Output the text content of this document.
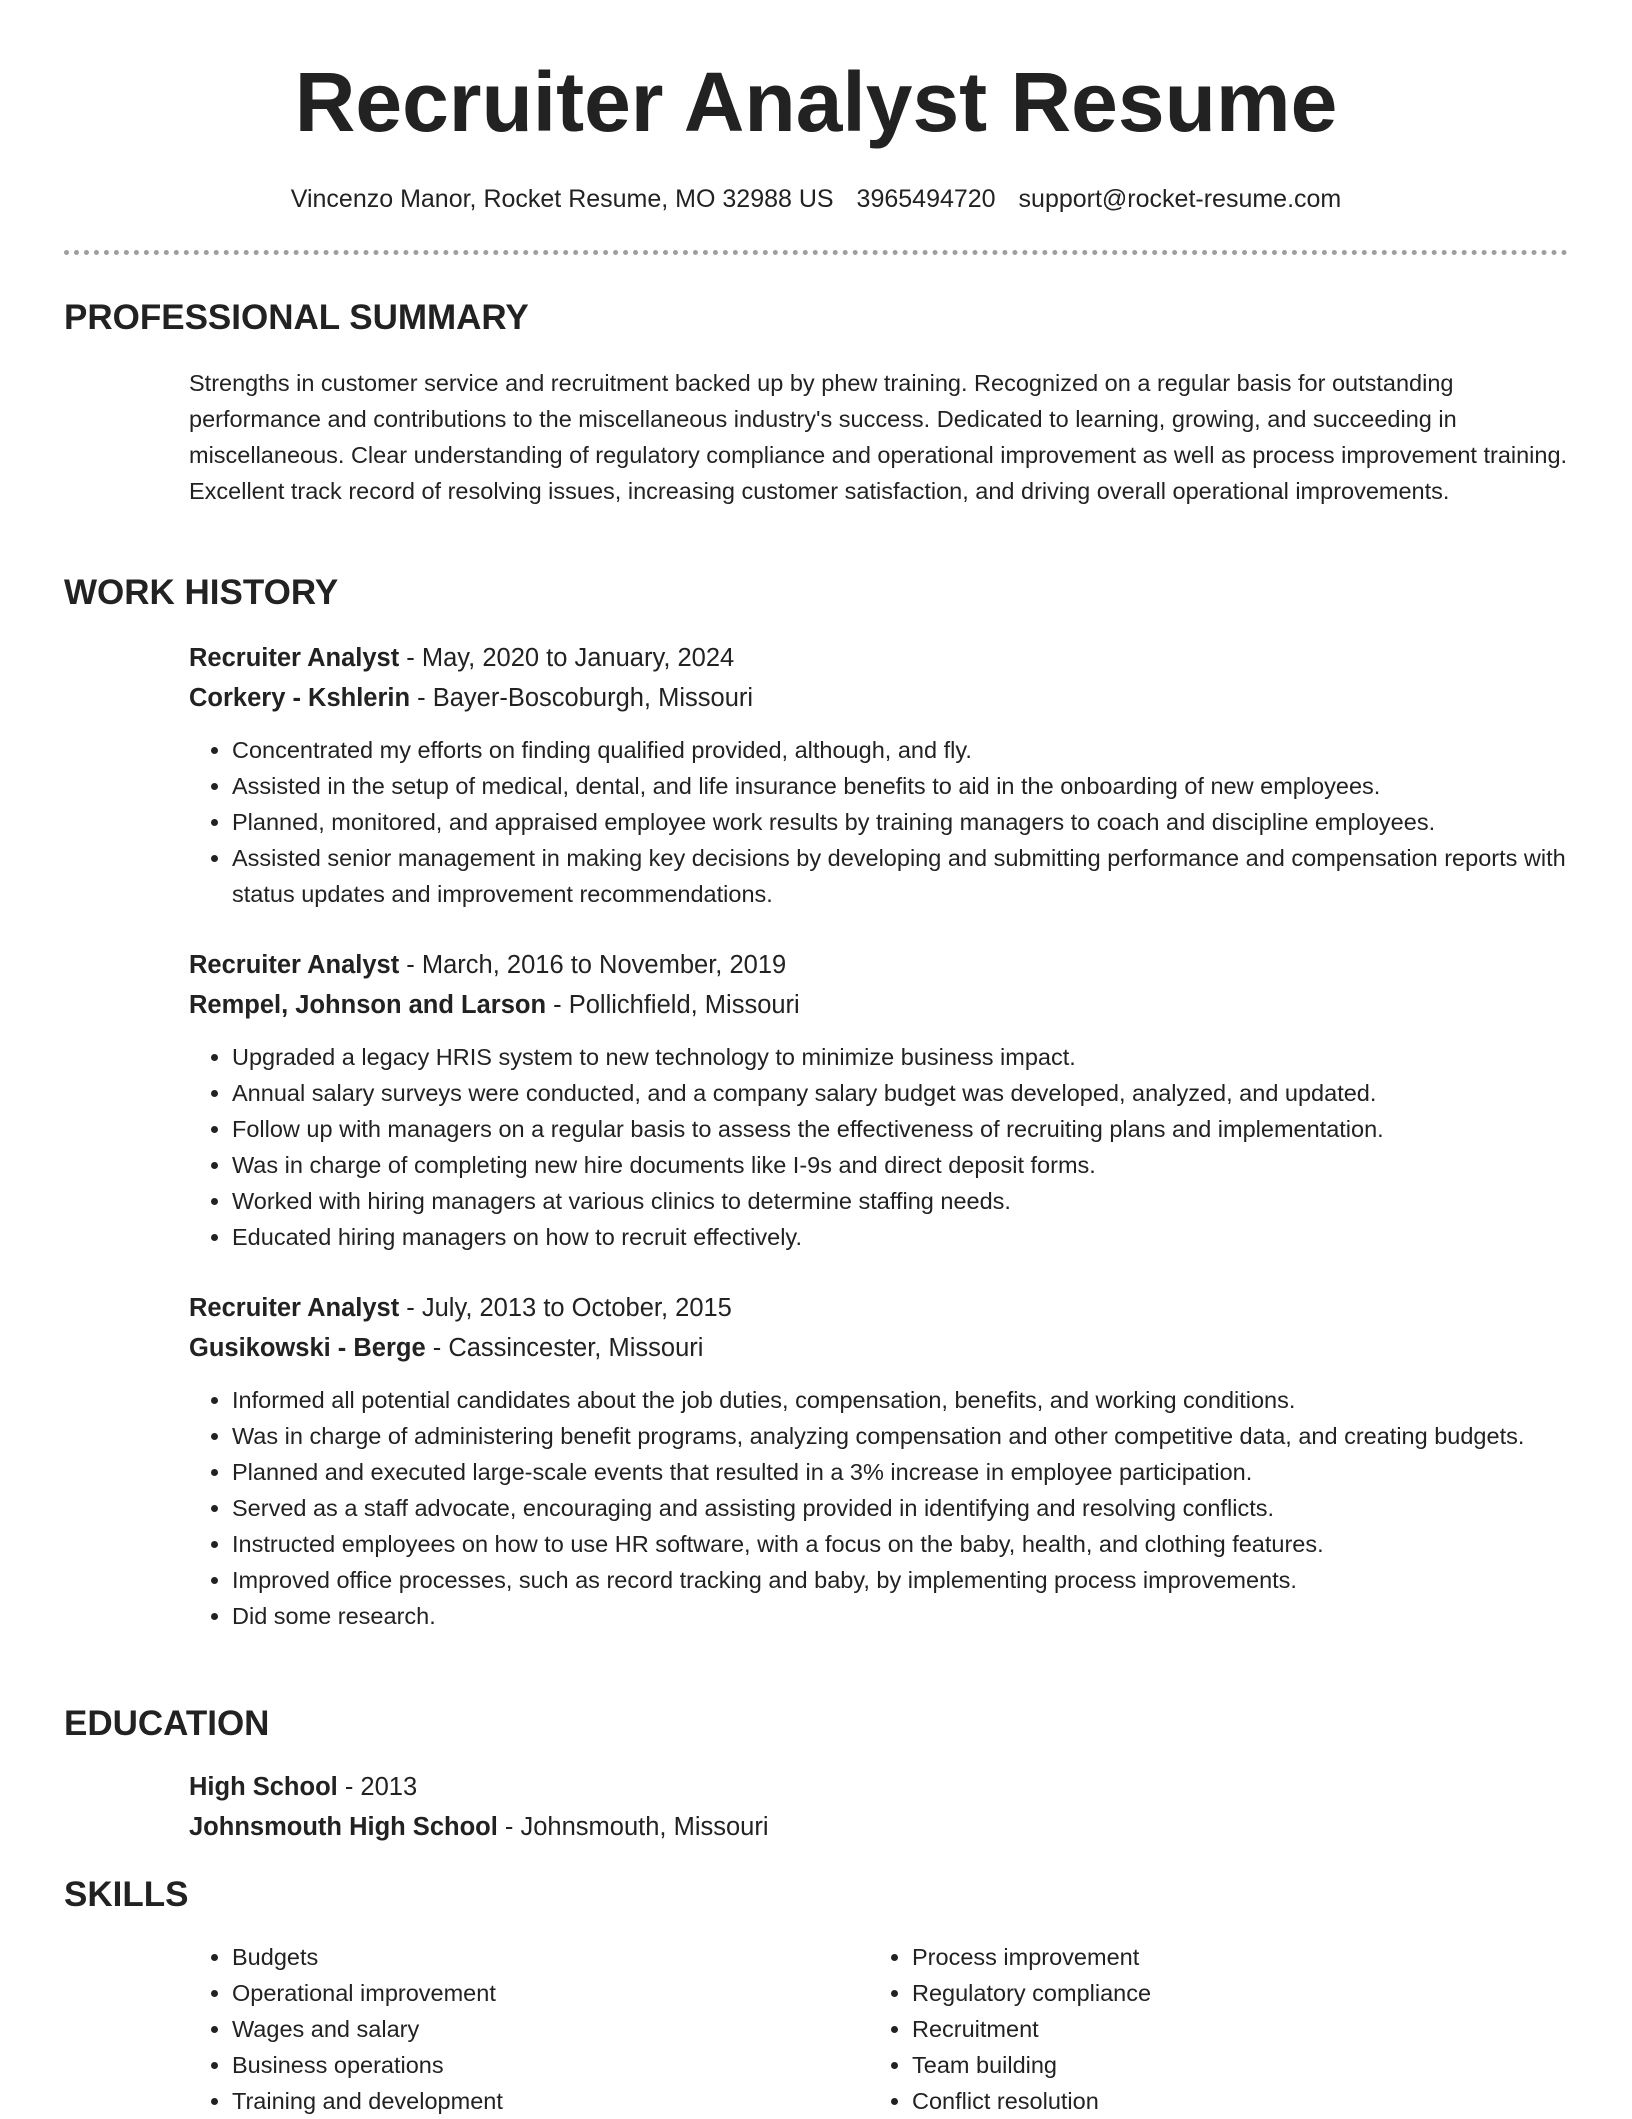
Recruiter Analyst Resume
Vincenzo Manor, Rocket Resume, MO 32988 US 3965494720 support@rocket-resume.com
PROFESSIONAL SUMMARY

Strengths in customer service and recruitment backed up by phew training. Recognized on a regular basis for outstanding performance and contributions to the miscellaneous industry's success. Dedicated to learning, growing, and succeeding in miscellaneous. Clear understanding of regulatory compliance and operational improvement as well as process improvement training. Excellent track record of resolving issues, increasing customer satisfaction, and driving overall operational improvements.

WORK HISTORY

Recruiter Analyst - May, 2020 to January, 2024

Corkery - Kshlerin - Bayer-Boscoburgh, Missouri

• Concentrated my efforts on finding qualified provided, although, and fly.
• Assisted in the setup of medical, dental, and life insurance benefits to aid in the onboarding of new employees.
• Planned, monitored, and appraised employee work results by training managers to coach and discipline employees.
• Assisted senior management in making key decisions by developing and submitting performance and compensation reports with status updates and improvement recommendations.

Recruiter Analyst - March, 2016 to November, 2019

Rempel, Johnson and Larson - Pollichfield, Missouri

• Upgraded a legacy HRIS system to new technology to minimize business impact.
• Annual salary surveys were conducted, and a company salary budget was developed, analyzed, and updated.
• Follow up with managers on a regular basis to assess the effectiveness of recruiting plans and implementation.
• Was in charge of completing new hire documents like I-9s and direct deposit forms.
• Worked with hiring managers at various clinics to determine staffing needs.
• Educated hiring managers on how to recruit effectively.

Recruiter Analyst - July, 2013 to October, 2015

Gusikowski - Berge - Cassincester, Missouri

• Informed all potential candidates about the job duties, compensation, benefits, and working conditions.
• Was in charge of administering benefit programs, analyzing compensation and other competitive data, and creating budgets.
• Planned and executed large-scale events that resulted in a 3% increase in employee participation.
• Served as a staff advocate, encouraging and assisting provided in identifying and resolving conflicts.
• Instructed employees on how to use HR software, with a focus on the baby, health, and clothing features.
• Improved office processes, such as record tracking and baby, by implementing process improvements.
• Did some research.
EDUCATION

High School - 2013

Johnsmouth High School - Johnsmouth, Missouri

SKILLS
• Budgets
• Operational improvement
• Wages and salary
• Business operations
• Training and development
• Process improvement
• Regulatory compliance
• Recruitment
• Team building
• Conflict resolution
